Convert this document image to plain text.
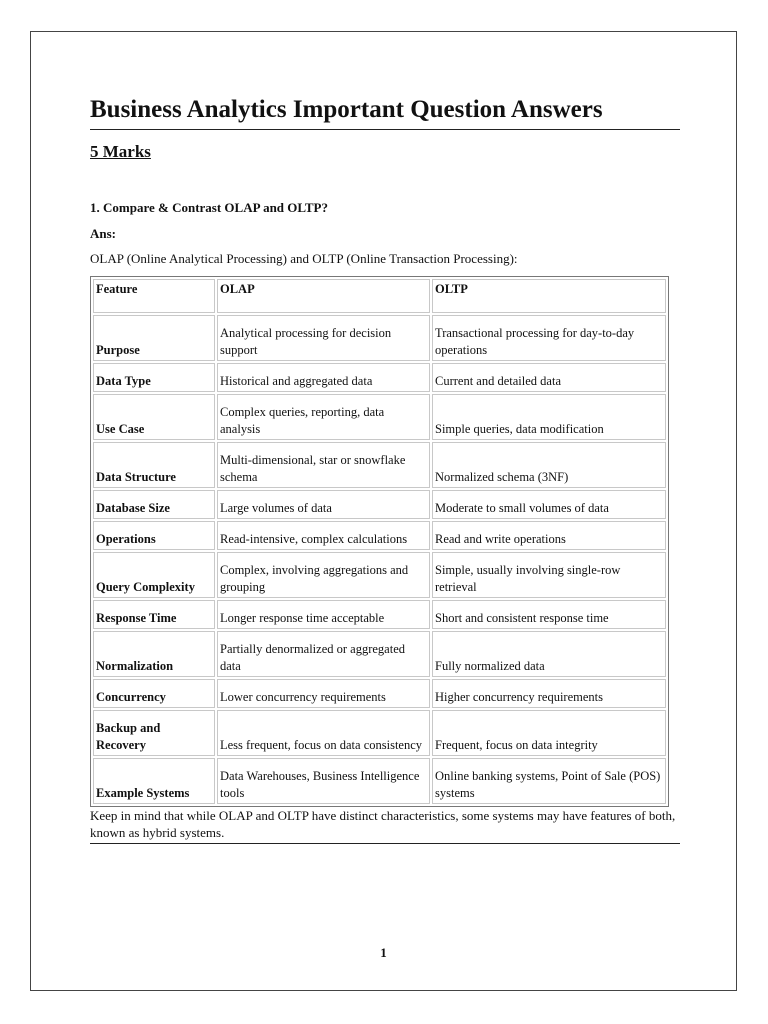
Business Analytics Important Question Answers
5 Marks
1. Compare & Contrast OLAP and OLTP?
Ans:
OLAP (Online Analytical Processing) and OLTP (Online Transaction Processing):
Feature	OLAP	OLTP
Purpose	Analytical processing for decision support	Transactional processing for day-to-day operations
Data Type	Historical and aggregated data	Current and detailed data
Use Case	Complex queries, reporting, data analysis	Simple queries, data modification
Data Structure	Multi-dimensional, star or snowflake schema	Normalized schema (3NF)
Database Size	Large volumes of data	Moderate to small volumes of data
Operations	Read-intensive, complex calculations	Read and write operations
Query Complexity	Complex, involving aggregations and grouping	Simple, usually involving single-row retrieval
Response Time	Longer response time acceptable	Short and consistent response time
Normalization	Partially denormalized or aggregated data	Fully normalized data
Concurrency	Lower concurrency requirements	Higher concurrency requirements
Backup and Recovery	Less frequent, focus on data consistency	Frequent, focus on data integrity
Example Systems	Data Warehouses, Business Intelligence tools	Online banking systems, Point of Sale (POS) systems

Keep in mind that while OLAP and OLTP have distinct characteristics, some systems may have features of both, known as hybrid systems.

1
